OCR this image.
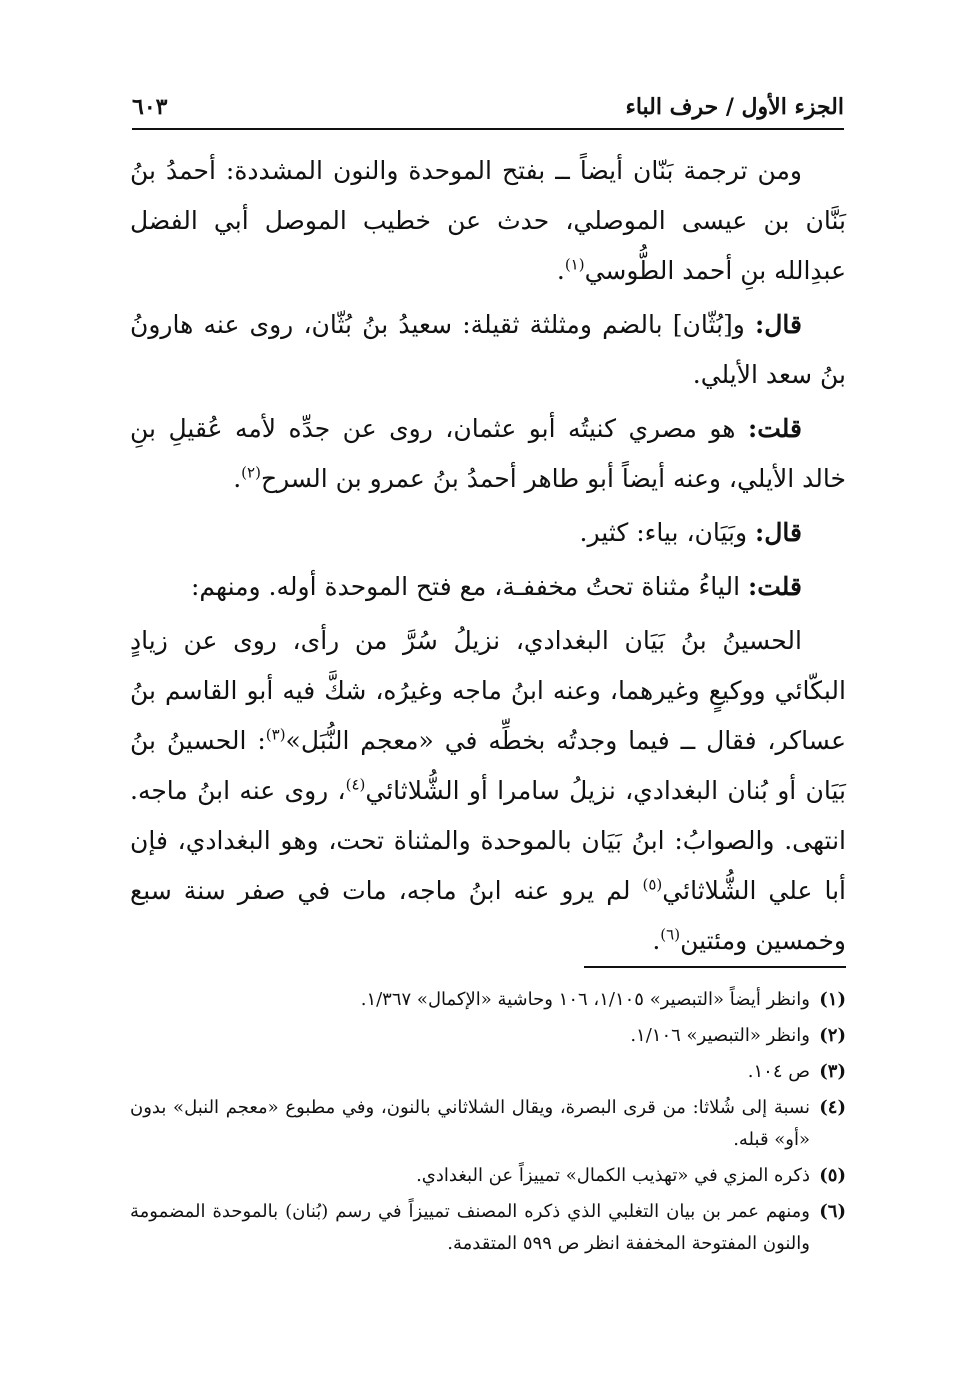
الجزء الأول / حرف الباء
٦٠٣

ومن ترجمة بَنّان أيضاً ــ بفتح الموحدة والنون المشددة: أحمدُ بنُ بَنَّان بن عيسى الموصلي، حدث عن خطيب الموصل أبي الفضل عبدِالله بنِ أحمد الطُّوسي$^{(١)}$.

قال: و[بُثّان] بالضم ومثلثة ثقيلة: سعيدُ بنُ بُثّان، روى عنه هارونُ بنُ سعد الأيلي.

قلت: هو مصري كنيتُه أبو عثمان، روى عن جدِّه لأمه عُقيلِ بنِ خالد الأيلي، وعنه أيضاً أبو طاهر أحمدُ بنُ عمرو بن السرح$^{(٢)}$.

قال: وبَيَان، بياء: كثير.

قلت: الياءُ مثناة تحتُ مخففـة، مع فتح الموحدة أوله. ومنهم:

الحسينُ بنُ بَيَان البغدادي، نزيلُ سُرَّ من رأى، روى عن زيادٍ البكّائي ووكيعٍ وغيرهما، وعنه ابنُ ماجه وغيرُه، شكَّ فيه أبو القاسم بنُ عساكر، فقال ــ فيما وجدتُه بخطِّه في «معجم النُّبَل»$^{(٣)}$: الحسينُ بنُ بَيَان أو بُنان البغدادي، نزيلُ سامرا أو الشُّلاثائي$^{(٤)}$، روى عنه ابنُ ماجه. انتهى. والصوابُ: ابنُ بَيَان بالموحدة والمثناة تحت، وهو البغدادي، فإن أبا علي الشُّلاثائي$^{(٥)}$ لم يرو عنه ابنُ ماجه، مات في صفر سنة سبع وخمسين ومئتين$^{(٦)}$.

(١)
وانظر أيضاً «التبصير» ١/١٠٥، ١٠٦ وحاشية «الإكمال» ١/٣٦٧.
(٢)
وانظر «التبصير» ١/١٠٦.
(٣)
ص ١٠٤.
(٤)
نسبة إلى شُلاثا: من قرى البصرة، ويقال الشلاثاني بالنون، وفي مطبوع «معجم النبل» بدون «أو» قبله.
(٥)
ذكره المزي في «تهذيب الكمال» تمييزاً عن البغدادي.
(٦)
ومنهم عمر بن بيان التغلبي الذي ذكره المصنف تمييزاً في رسم (بُنان) بالموحدة المضمومة والنون المفتوحة المخففة انظر ص ٥٩٩ المتقدمة.
